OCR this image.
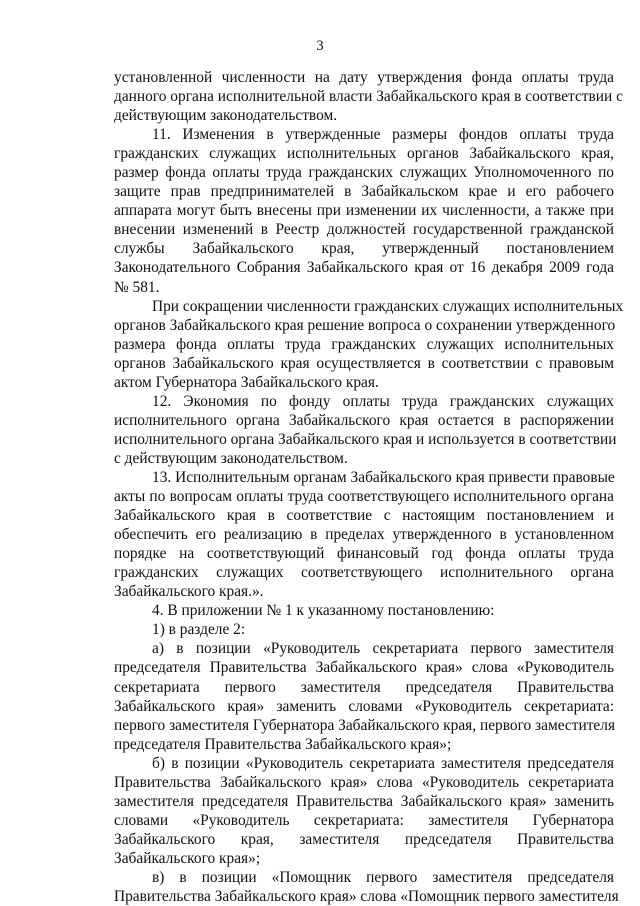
3
установленной численности на дату утверждения фонда оплаты труда
данного органа исполнительной власти Забайкальского края в соответствии с
действующим законодательством.
11. Изменения в утвержденные размеры фондов оплаты труда
гражданских служащих исполнительных органов Забайкальского края,
размер фонда оплаты труда гражданских служащих Уполномоченного по
защите прав предпринимателей в Забайкальском крае и его рабочего
аппарата могут быть внесены при изменении их численности, а также при
внесении изменений в Реестр должностей государственной гражданской
службы Забайкальского края, утвержденный постановлением
Законодательного Собрания Забайкальского края от 16 декабря 2009 года
№ 581.
При сокращении численности гражданских служащих исполнительных
органов Забайкальского края решение вопроса о сохранении утвержденного
размера фонда оплаты труда гражданских служащих исполнительных
органов Забайкальского края осуществляется в соответствии с правовым
актом Губернатора Забайкальского края.
12. Экономия по фонду оплаты труда гражданских служащих
исполнительного органа Забайкальского края остается в распоряжении
исполнительного органа Забайкальского края и используется в соответствии
с действующим законодательством.
13. Исполнительным органам Забайкальского края привести правовые
акты по вопросам оплаты труда соответствующего исполнительного органа
Забайкальского края в соответствие с настоящим постановлением и
обеспечить его реализацию в пределах утвержденного в установленном
порядке на соответствующий финансовый год фонда оплаты труда
гражданских служащих соответствующего исполнительного органа
Забайкальского края.».
4. В приложении № 1 к указанному постановлению:
1) в разделе 2:
а) в позиции «Руководитель секретариата первого заместителя
председателя Правительства Забайкальского края» слова «Руководитель
секретариата первого заместителя председателя Правительства
Забайкальского края» заменить словами «Руководитель секретариата:
первого заместителя Губернатора Забайкальского края, первого заместителя
председателя Правительства Забайкальского края»;
б) в позиции «Руководитель секретариата заместителя председателя
Правительства Забайкальского края» слова «Руководитель секретариата
заместителя председателя Правительства Забайкальского края» заменить
словами «Руководитель секретариата: заместителя Губернатора
Забайкальского края, заместителя председателя Правительства
Забайкальского края»;
в) в позиции «Помощник первого заместителя председателя
Правительства Забайкальского края» слова «Помощник первого заместителя
